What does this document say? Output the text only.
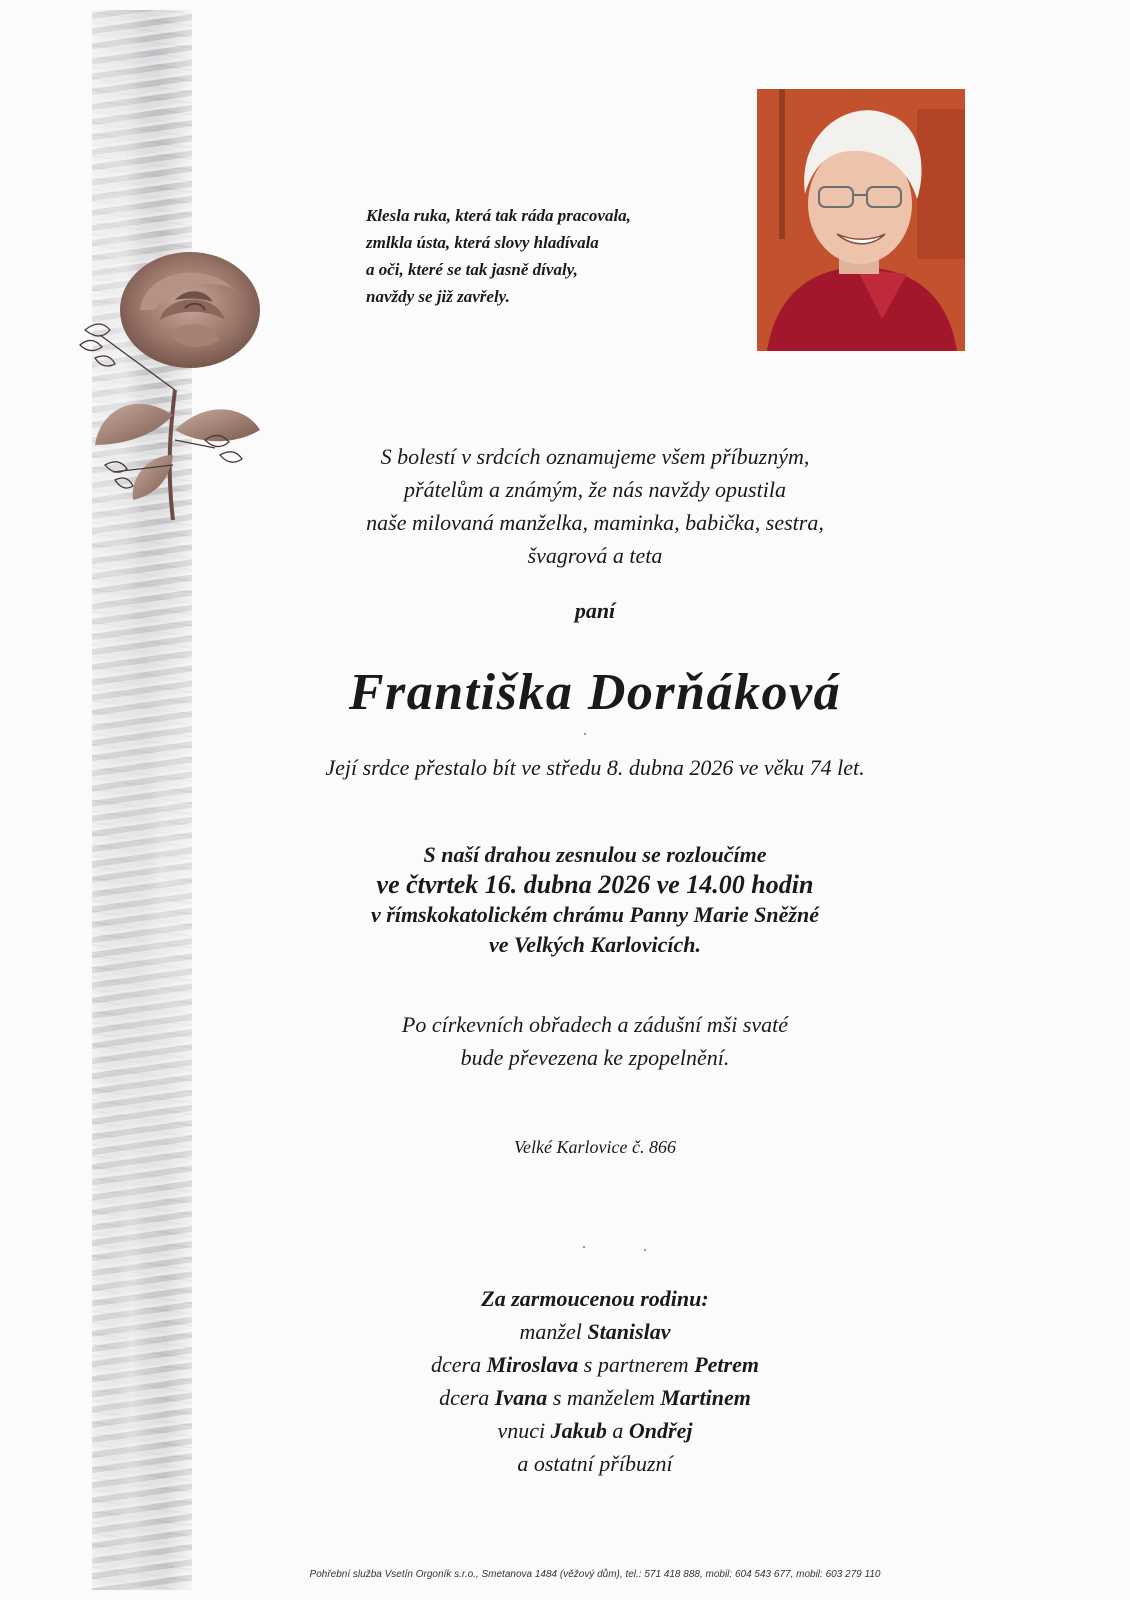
Klesla ruka, která tak ráda pracovala,
zmlkla ústa, která slovy hladívala
a oči, které se tak jasně dívaly,
navždy se již zavřely.
S bolestí v srdcích oznamujeme všem příbuzným,
přátelům a známým, že nás navždy opustila
naše milovaná manželka, maminka, babička, sestra,
švagrová a teta
paní
Františka Dorňáková
Její srdce přestalo bít ve středu 8. dubna 2026 ve věku 74 let.
S naší drahou zesnulou se rozloučíme
ve čtvrtek 16. dubna 2026 ve 14.00 hodin
v římskokatolickém chrámu Panny Marie Sněžné
ve Velkých Karlovicích.
Po církevních obřadech a zádušní mši svaté
bude převezena ke zpopelnění.
Velké Karlovice č. 866
Za zarmoucenou rodinu:
manžel Stanislav
dcera Miroslava s partnerem Petrem
dcera Ivana s manželem Martinem
vnuci Jakub a Ondřej
a ostatní příbuzní
Pohřební služba Vsetín Orgoník s.r.o., Smetanova 1484 (věžový dům), tel.: 571 418 888, mobil: 604 543 677, mobil: 603 279 110
